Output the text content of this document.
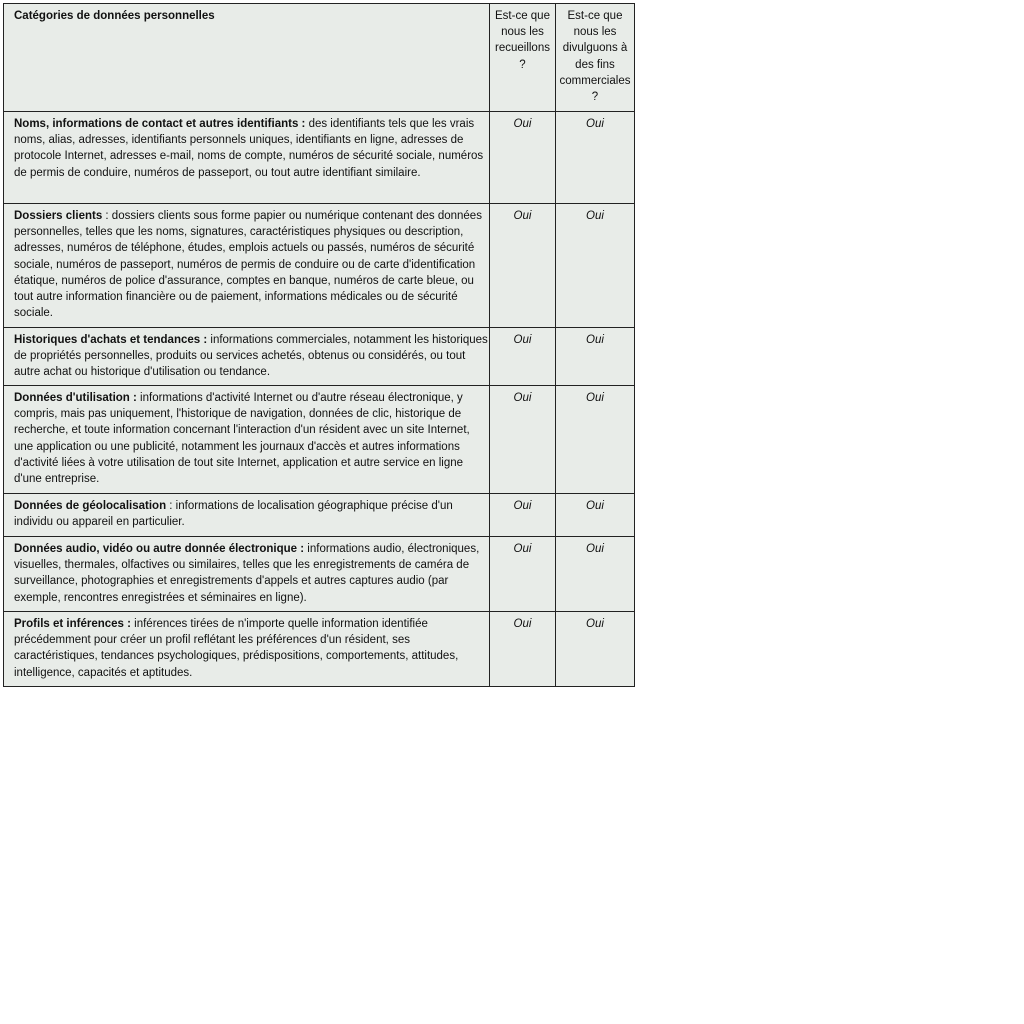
Catégories de données personnelles	Est-ce que nous les recueillons ?	Est-ce que nous les divulguons à des fins commerciales ?
Noms, informations de contact et autres identifiants : des identifiants tels que les vrais noms, alias, adresses, identifiants personnels uniques, identifiants en ligne, adresses de protocole Internet, adresses e-mail, noms de compte, numéros de sécurité sociale, numéros de permis de conduire, numéros de passeport, ou tout autre identifiant similaire.	Oui	Oui
Dossiers clients : dossiers clients sous forme papier ou numérique contenant des données personnelles, telles que les noms, signatures, caractéristiques physiques ou description, adresses, numéros de téléphone, études, emplois actuels ou passés, numéros de sécurité sociale, numéros de passeport, numéros de permis de conduire ou de carte d'identification étatique, numéros de police d'assurance, comptes en banque, numéros de carte bleue, ou tout autre information financière ou de paiement, informations médicales ou de sécurité sociale.	Oui	Oui
Historiques d'achats et tendances : informations commerciales, notamment les historiques de propriétés personnelles, produits ou services achetés, obtenus ou considérés, ou tout autre achat ou historique d'utilisation ou tendance.	Oui	Oui
Données d'utilisation : informations d'activité Internet ou d'autre réseau électronique, y compris, mais pas uniquement, l'historique de navigation, données de clic, historique de recherche, et toute information concernant l'interaction d'un résident avec un site Internet, une application ou une publicité, notamment les journaux d'accès et autres informations d'activité liées à votre utilisation de tout site Internet, application et autre service en ligne d'une entreprise.	Oui	Oui
Données de géolocalisation : informations de localisation géographique précise d'un individu ou appareil en particulier.	Oui	Oui
Données audio, vidéo ou autre donnée électronique : informations audio, électroniques, visuelles, thermales, olfactives ou similaires, telles que les enregistrements de caméra de surveillance, photographies et enregistrements d'appels et autres captures audio (par exemple, rencontres enregistrées et séminaires en ligne).	Oui	Oui
Profils et inférences : inférences tirées de n'importe quelle information identifiée précédemment pour créer un profil reflétant les préférences d'un résident, ses caractéristiques, tendances psychologiques, prédispositions, comportements, attitudes, intelligence, capacités et aptitudes.	Oui	Oui
